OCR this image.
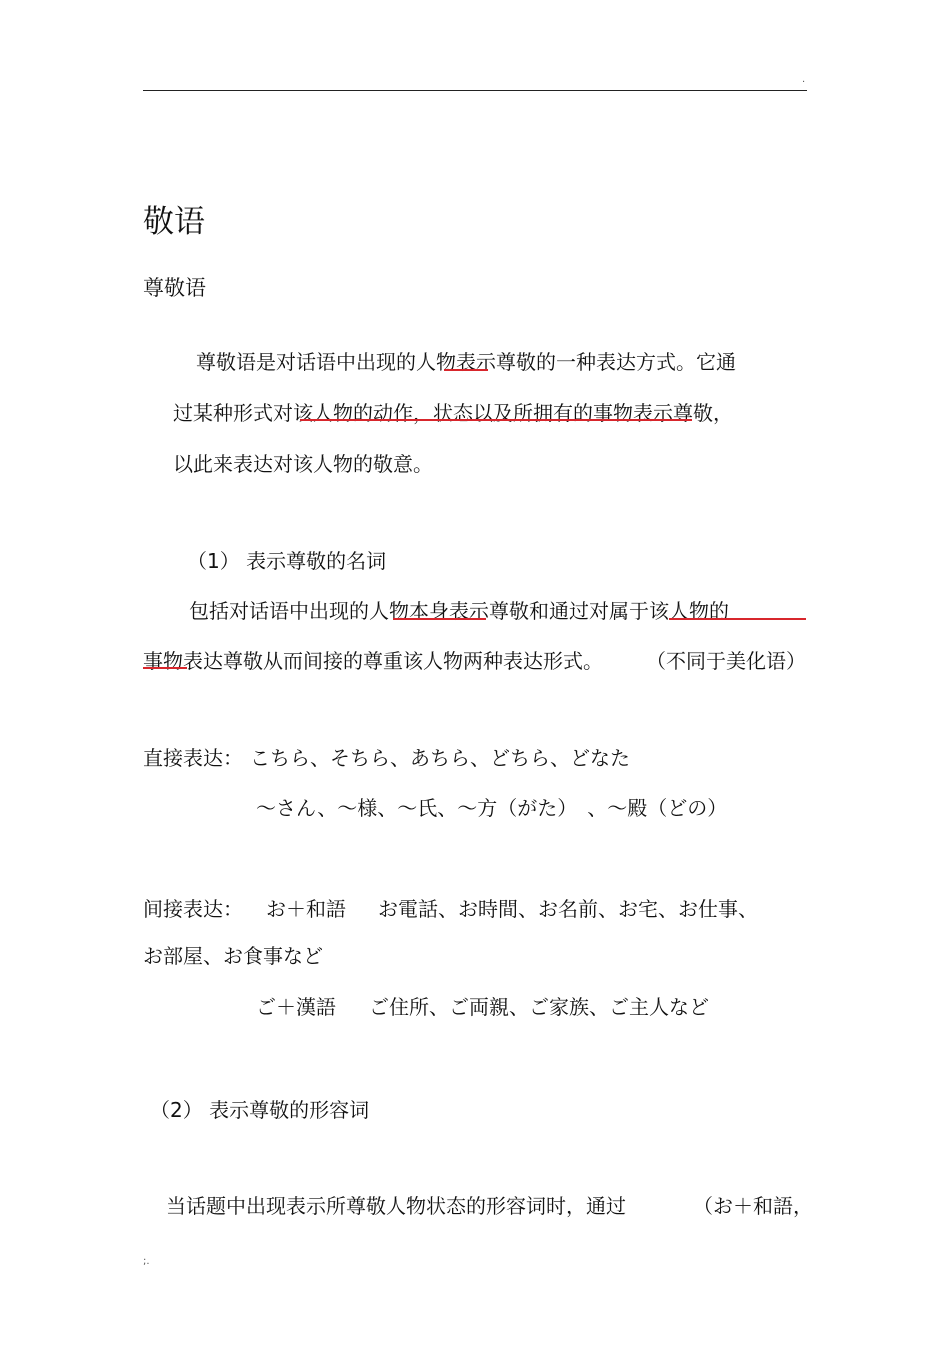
.
敬语
尊敬语
尊敬语是对话语中出现的人物表示尊敬的一种表达方式。它通
过某种形式对该人物的动作，状态以及所拥有的事物表示尊敬，
以此来表达对该人物的敬意。
（1） 表示尊敬的名词
包括对话语中出现的人物本身表示尊敬和通过对属于该人物的
事物表达尊敬从而间接的尊重该人物两种表达形式。 （不同于美化语）
直接表达： こちら、そちら、あちら、どちら、どなた
～さん、～様、～氏、～方（がた）　、～殿（どの）
间接表达： お＋和語 お電話、お時間、お名前、お宅、お仕事、
お部屋、お食事など
ご＋漢語 ご住所、ご両親、ご家族、ご主人など
（2） 表示尊敬的形容词
当话题中出现表示所尊敬人物状态的形容词时，通过	（お＋和語，
;.
